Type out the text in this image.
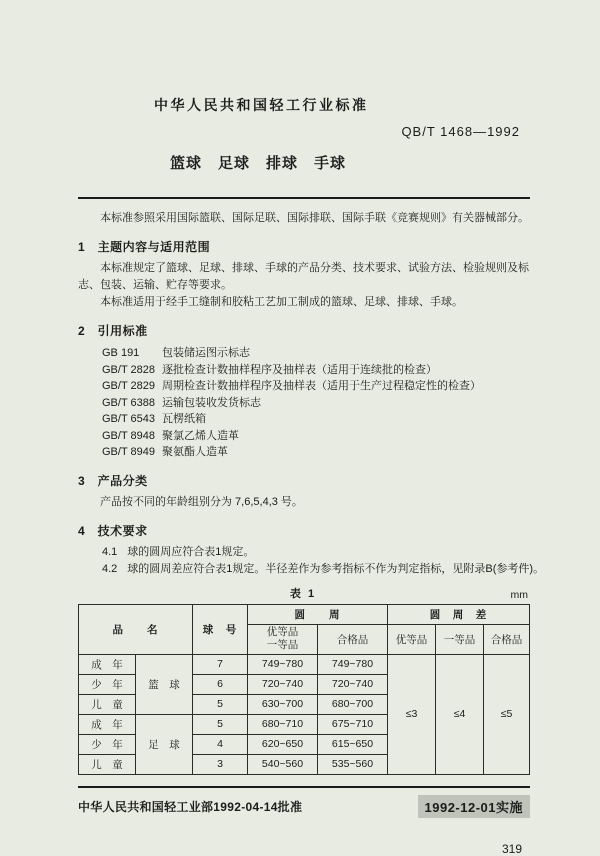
中华人民共和国轻工行业标准
QB/T 1468—1992
篮球　足球　排球　手球

本标准参照采用国际篮联、国际足联、国际排联、国际手联《竞赛规则》有关器械部分。

1　主题内容与适用范围

本标准规定了篮球、足球、排球、手球的产品分类、技术要求、试验方法、检验规则及标志、包装、运输、贮存等要求。

本标准适用于经手工缝制和胶粘工艺加工制成的篮球、足球、排球、手球。

2　引用标准
GB 191 包装储运图示标志
GB/T 2828 逐批检查计数抽样程序及抽样表（适用于连续批的检查）
GB/T 2829 周期检查计数抽样程序及抽样表（适用于生产过程稳定性的检查）
GB/T 6388 运输包装收发货标志
GB/T 6543 瓦楞纸箱
GB/T 8948 聚氯乙烯人造革
GB/T 8949 聚氨酯人造革
3　产品分类

产品按不同的年龄组别分为 7,6,5,4,3 号。

4　技术要求

4.1 球的圆周应符合表1规定。

4.2 球的圆周差应符合表1规定。半径差作为参考指标不作为判定指标，见附录B(参考件)。

表 1	mm
品　　名		球　号	圆　　周		圆　周　差		

			优等品
一等品	合格品	优等品	一等品	合格品
成　年	篮　球	7	749~780	749~780	≤3	≤4	≤5
少　年		6	720~740	720~740			
儿　童		5	630~700	680~700			
成　年	足　球	5	680~710	675~710			
少　年		4	620~650	615~650			
儿　童		3	540~560	535~560			
中华人民共和国轻工业部1992-04-14批准	1992-12-01实施
319
